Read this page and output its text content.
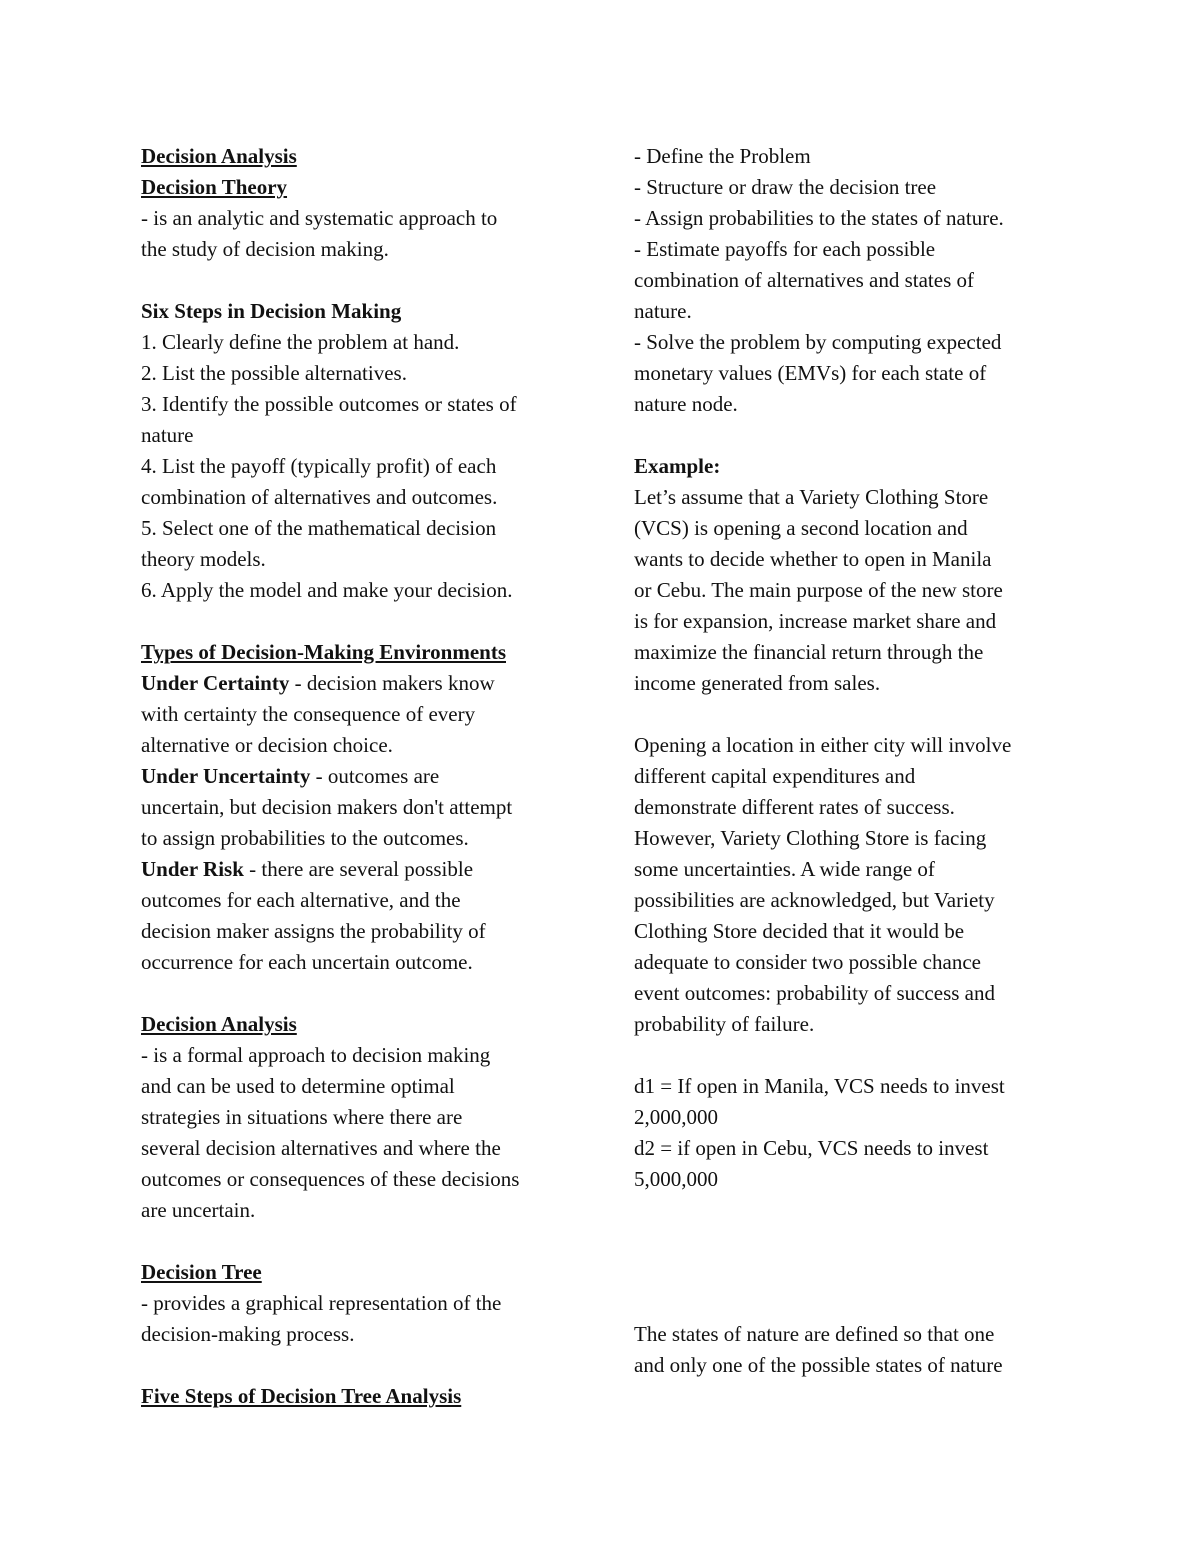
Decision Analysis
Decision Theory
- is an analytic and systematic approach to
the study of decision making.
Six Steps in Decision Making
1. Clearly define the problem at hand.
2. List the possible alternatives.
3. Identify the possible outcomes or states of
nature
4. List the payoff (typically profit) of each
combination of alternatives and outcomes.
5. Select one of the mathematical decision
theory models.
6. Apply the model and make your decision.
Types of Decision-Making Environments
Under Certainty - decision makers know
with certainty the consequence of every
alternative or decision choice.
Under Uncertainty - outcomes are
uncertain, but decision makers don't attempt
to assign probabilities to the outcomes.
Under Risk - there are several possible
outcomes for each alternative, and the
decision maker assigns the probability of
occurrence for each uncertain outcome.
Decision Analysis
- is a formal approach to decision making
and can be used to determine optimal
strategies in situations where there are
several decision alternatives and where the
outcomes or consequences of these decisions
are uncertain.
Decision Tree
- provides a graphical representation of the
decision-making process.
Five Steps of Decision Tree Analysis
- Define the Problem
- Structure or draw the decision tree
- Assign probabilities to the states of nature.
- Estimate payoffs for each possible
combination of alternatives and states of
nature.
- Solve the problem by computing expected
monetary values (EMVs) for each state of
nature node.
Example:
Let’s assume that a Variety Clothing Store
(VCS) is opening a second location and
wants to decide whether to open in Manila
or Cebu. The main purpose of the new store
is for expansion, increase market share and
maximize the financial return through the
income generated from sales.
Opening a location in either city will involve
different capital expenditures and
demonstrate different rates of success.
However, Variety Clothing Store is facing
some uncertainties. A wide range of
possibilities are acknowledged, but Variety
Clothing Store decided that it would be
adequate to consider two possible chance
event outcomes: probability of success and
probability of failure.
d1 = If open in Manila, VCS needs to invest
2,000,000
d2 = if open in Cebu, VCS needs to invest
5,000,000
The states of nature are defined so that one
and only one of the possible states of nature
